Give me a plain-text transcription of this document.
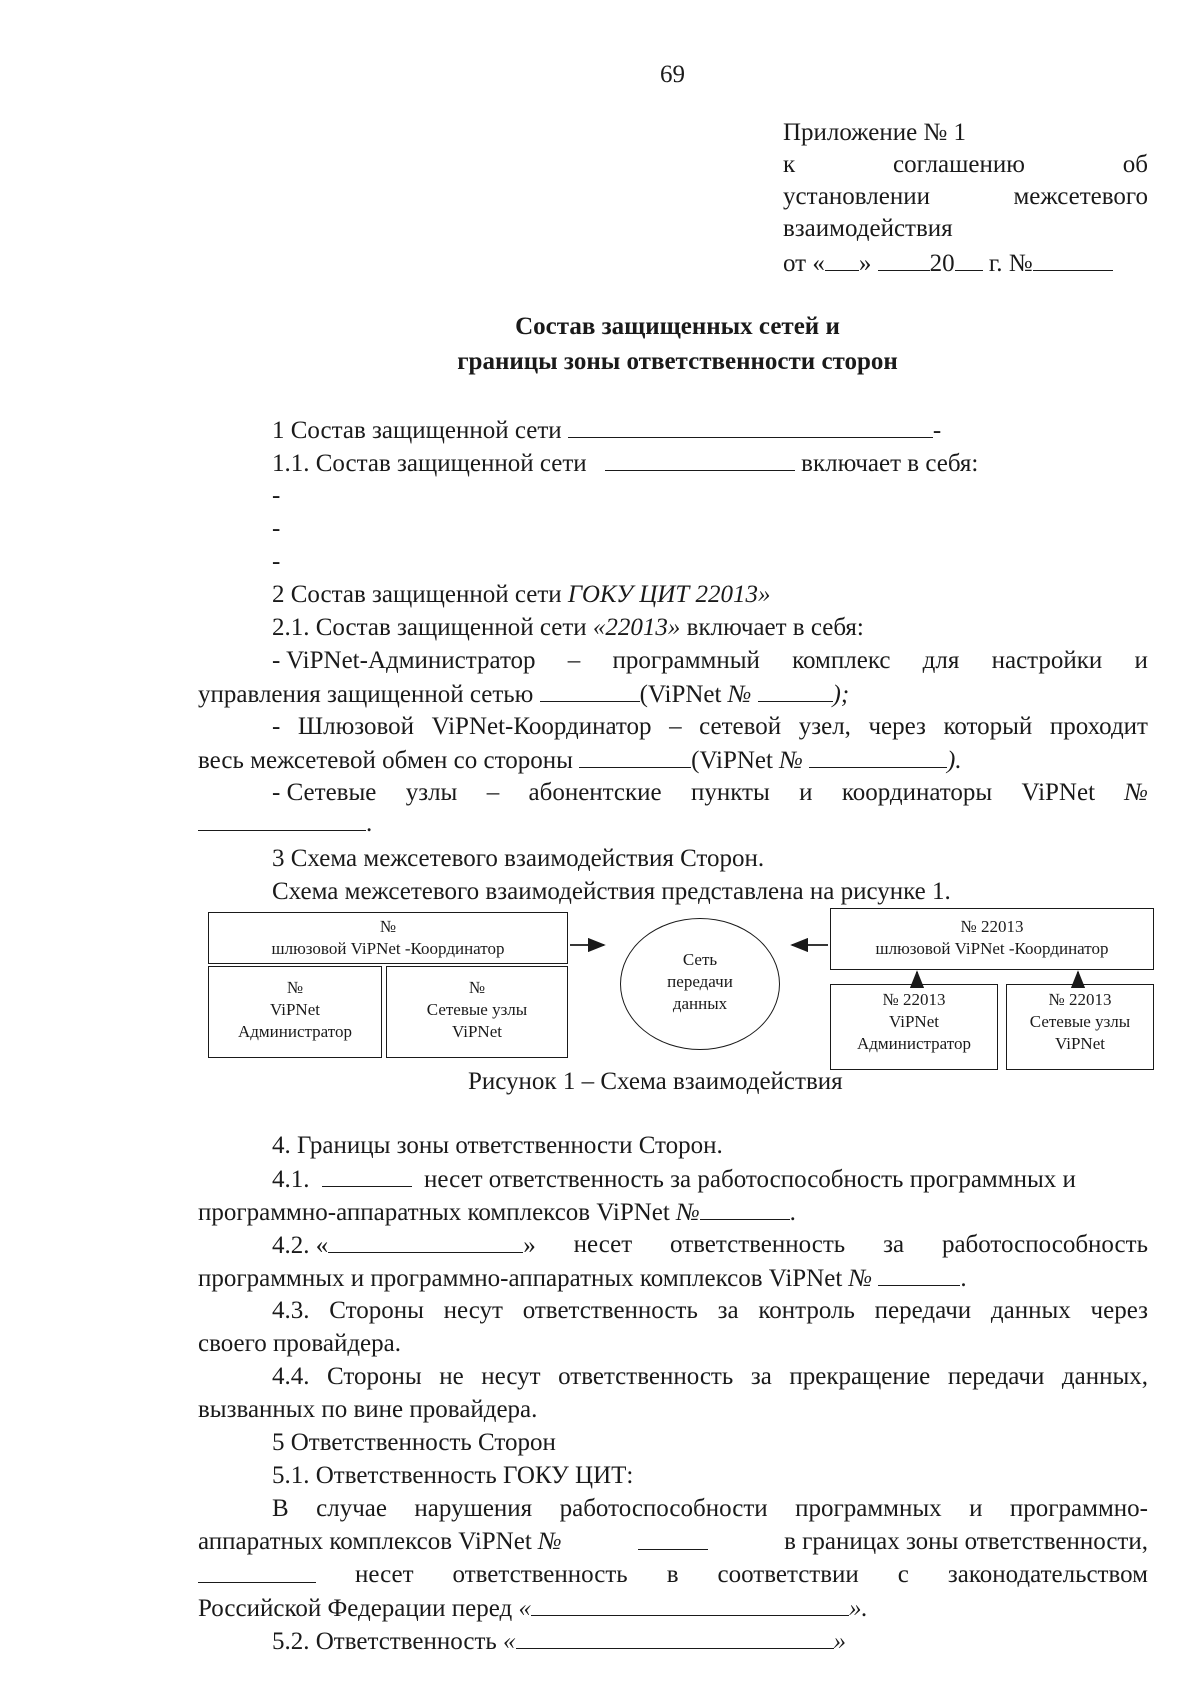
69
Приложение № 1
к	соглашению	об
установлении	межсетевого
взаимодействия
от « » 20 г. №
Состав защищенных сетей и
границы зоны ответственности сторон
1 Состав защищенной сети	-
1.1. Состав защищенной сети	включает в себя:
-
-
-
2 Состав защищенной сети ГОКУ ЦИТ 22013»
2.1. Состав защищенной сети «22013» включает в себя:
- ViPNet-Администратор – программный комплекс для настройки и
управления защищенной сетью	(ViPNet №	);
- Шлюзовой ViPNet-Координатор – сетевой узел, через который проходит
весь межсетевой обмен со стороны	(ViPNet №	).
- Сетевые узлы – абонентские пункты и координаторы ViPNet №
.
3 Схема межсетевого взаимодействия Сторон.
Схема межсетевого взаимодействия представлена на рисунке 1.
№
шлюзовой ViPNet -Координатор
№
ViPNet
Администратор
№
Сетевые узлы
ViPNet
Сеть
передачи
данных
№ 22013
шлюзовой ViPNet -Координатор
№ 22013
ViPNet
Администратор
№ 22013
Сетевые узлы
ViPNet
Рисунок 1 – Схема взаимодействия
4. Границы зоны ответственности Сторон.
4.1.	несет ответственность за работоспособность программных и
программно-аппаратных комплексов ViPNet №	.
4.2. «	» несет ответственность за работоспособность
программных и программно-аппаратных комплексов ViPNet №	.
4.3. Стороны несут ответственность за контроль передачи данных через
своего провайдера.
4.4. Стороны не несут ответственность за прекращение передачи данных,
вызванных по вине провайдера.
5 Ответственность Сторон
5.1. Ответственность ГОКУ ЦИТ:
В случае нарушения работоспособности программных и программно-
аппаратных комплексов ViPNet №	в границах зоны ответственности,
несет ответственность в соответствии с законодательством
Российской Федерации перед «	».
5.2. Ответственность «	»
